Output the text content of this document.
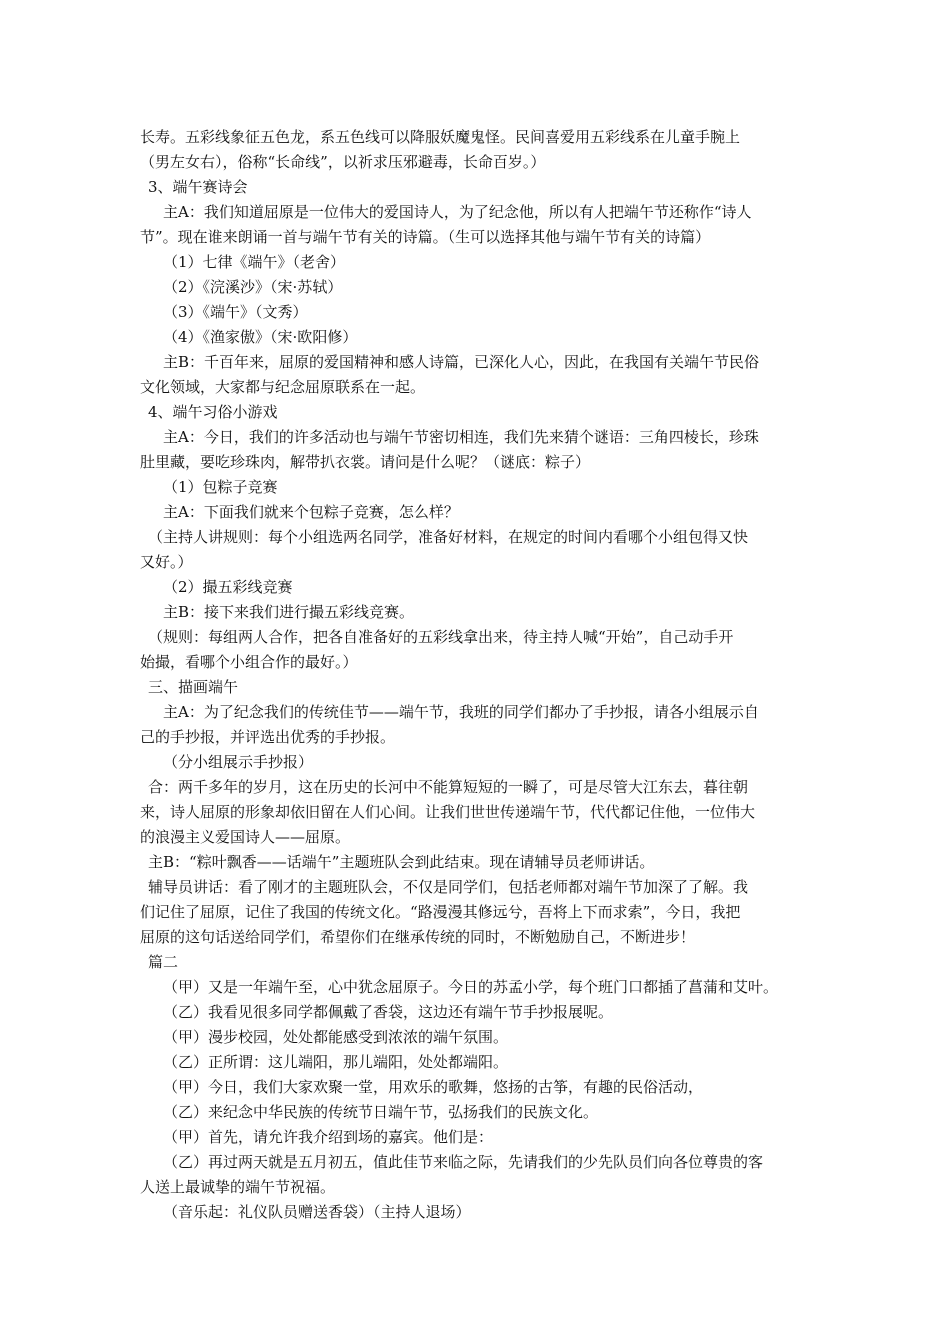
长寿。五彩线象征五色龙，系五色线可以降服妖魔鬼怪。民间喜爱用五彩线系在儿童手腕上
（男左女右），俗称“长命线”，以祈求压邪避毒，长命百岁。）
3、端午赛诗会
主A：我们知道屈原是一位伟大的爱国诗人，为了纪念他，所以有人把端午节还称作“诗人
节”。现在谁来朗诵一首与端午节有关的诗篇。（生可以选择其他与端午节有关的诗篇）
（1）七律《端午》（老舍）
（2）《浣溪沙》（宋·苏轼）
（3）《端午》（文秀）
（4）《渔家傲》（宋·欧阳修）
主B：千百年来，屈原的爱国精神和感人诗篇，已深化人心，因此，在我国有关端午节民俗
文化领域，大家都与纪念屈原联系在一起。
4、端午习俗小游戏
主A：今日，我们的许多活动也与端午节密切相连，我们先来猜个谜语：三角四棱长，珍珠
肚里藏，要吃珍珠肉，解带扒衣裳。请问是什么呢？（谜底：粽子）
（1）包粽子竞赛
主A：下面我们就来个包粽子竞赛，怎么样？
（主持人讲规则：每个小组选两名同学，准备好材料，在规定的时间内看哪个小组包得又快
又好。）
（2）撮五彩线竞赛
主B：接下来我们进行撮五彩线竞赛。
（规则：每组两人合作，把各自准备好的五彩线拿出来，待主持人喊“开始”，自己动手开
始撮，看哪个小组合作的最好。）
三、描画端午
主A：为了纪念我们的传统佳节——端午节，我班的同学们都办了手抄报，请各小组展示自
己的手抄报，并评选出优秀的手抄报。
（分小组展示手抄报）
合：两千多年的岁月，这在历史的长河中不能算短短的一瞬了，可是尽管大江东去，暮往朝
来，诗人屈原的形象却依旧留在人们心间。让我们世世传递端午节，代代都记住他，一位伟大
的浪漫主义爱国诗人——屈原。
主B：“粽叶飘香——话端午”主题班队会到此结束。现在请辅导员老师讲话。
辅导员讲话：看了刚才的主题班队会，不仅是同学们，包括老师都对端午节加深了了解。我
们记住了屈原，记住了我国的传统文化。“路漫漫其修远兮，吾将上下而求索”，今日，我把
屈原的这句话送给同学们，希望你们在继承传统的同时，不断勉励自己，不断进步！
篇二
（甲）又是一年端午至，心中犹念屈原子。今日的苏孟小学，每个班门口都插了菖蒲和艾叶。
（乙）我看见很多同学都佩戴了香袋，这边还有端午节手抄报展呢。
（甲）漫步校园，处处都能感受到浓浓的端午氛围。
（乙）正所谓：这儿端阳，那儿端阳，处处都端阳。
（甲）今日，我们大家欢聚一堂，用欢乐的歌舞，悠扬的古筝，有趣的民俗活动，
（乙）来纪念中华民族的传统节日端午节，弘扬我们的民族文化。
（甲）首先，请允许我介绍到场的嘉宾。他们是：
（乙）再过两天就是五月初五，值此佳节来临之际，先请我们的少先队员们向各位尊贵的客
人送上最诚挚的端午节祝福。
（音乐起：礼仪队员赠送香袋）（主持人退场）
